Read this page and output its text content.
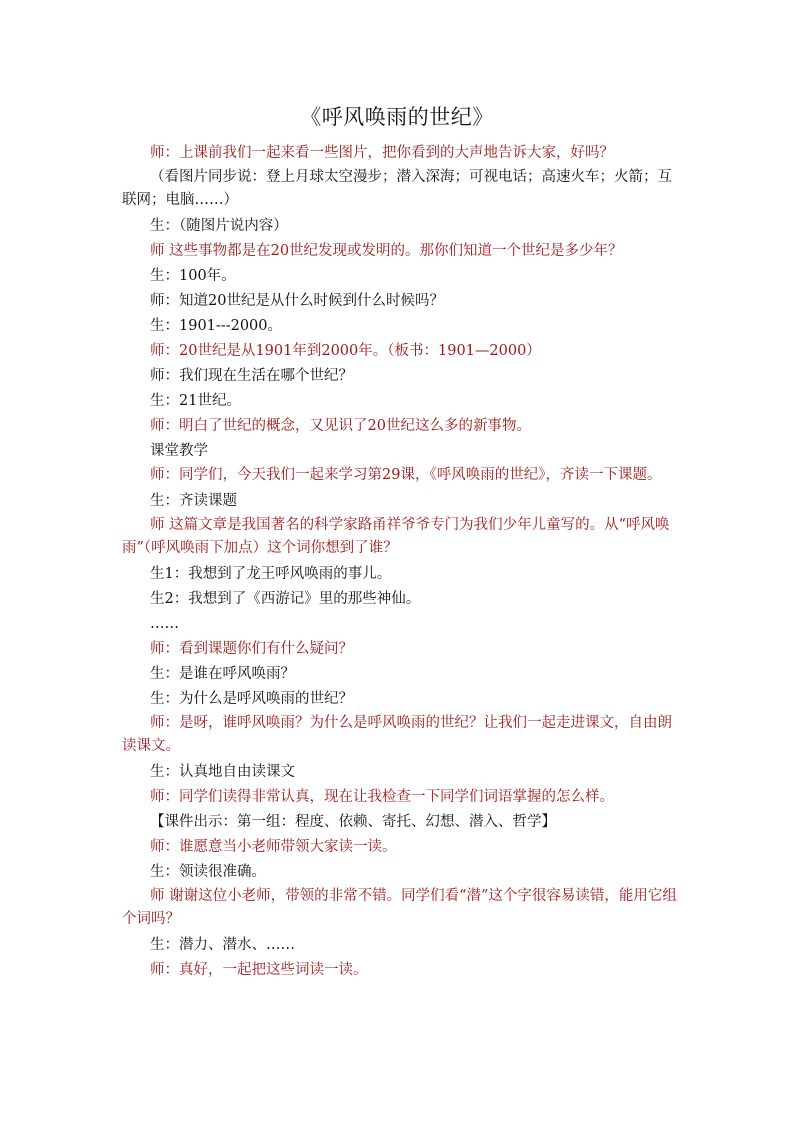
《呼风唤雨的世纪》

师：上课前我们一起来看一些图片，把你看到的大声地告诉大家，好吗？

（看图片同步说：登上月球太空漫步；潜入深海；可视电话；高速火车；火箭；互联网；电脑……）

生：（随图片说内容）

师 这些事物都是在20世纪发现或发明的。那你们知道一个世纪是多少年？

生：100年。

师：知道20世纪是从什么时候到什么时候吗？

生：1901---2000。

师：20世纪是从1901年到2000年。（板书：1901—2000）

师：我们现在生活在哪个世纪？

生：21世纪。

师：明白了世纪的概念，又见识了20世纪这么多的新事物。

课堂教学

师：同学们，今天我们一起来学习第29课，《呼风唤雨的世纪》，齐读一下课题。

生：齐读课题

师 这篇文章是我国著名的科学家路甬祥爷爷专门为我们少年儿童写的。从“呼风唤雨”（呼风唤雨下加点）这个词你想到了谁？

生1：我想到了龙王呼风唤雨的事儿。

生2：我想到了《西游记》里的那些神仙。

……

师：看到课题你们有什么疑问？

生：是谁在呼风唤雨？

生：为什么是呼风唤雨的世纪？

师：是呀，谁呼风唤雨？为什么是呼风唤雨的世纪？让我们一起走进课文，自由朗读课文。

生：认真地自由读课文

师：同学们读得非常认真，现在让我检查一下同学们词语掌握的怎么样。

【课件出示：第一组：程度、依赖、寄托、幻想、潜入、哲学】

师：谁愿意当小老师带领大家读一读。

生：领读很准确。

师 谢谢这位小老师，带领的非常不错。同学们看“潜”这个字很容易读错，能用它组个词吗？

生：潜力、潜水、……

师：真好，一起把这些词读一读。
